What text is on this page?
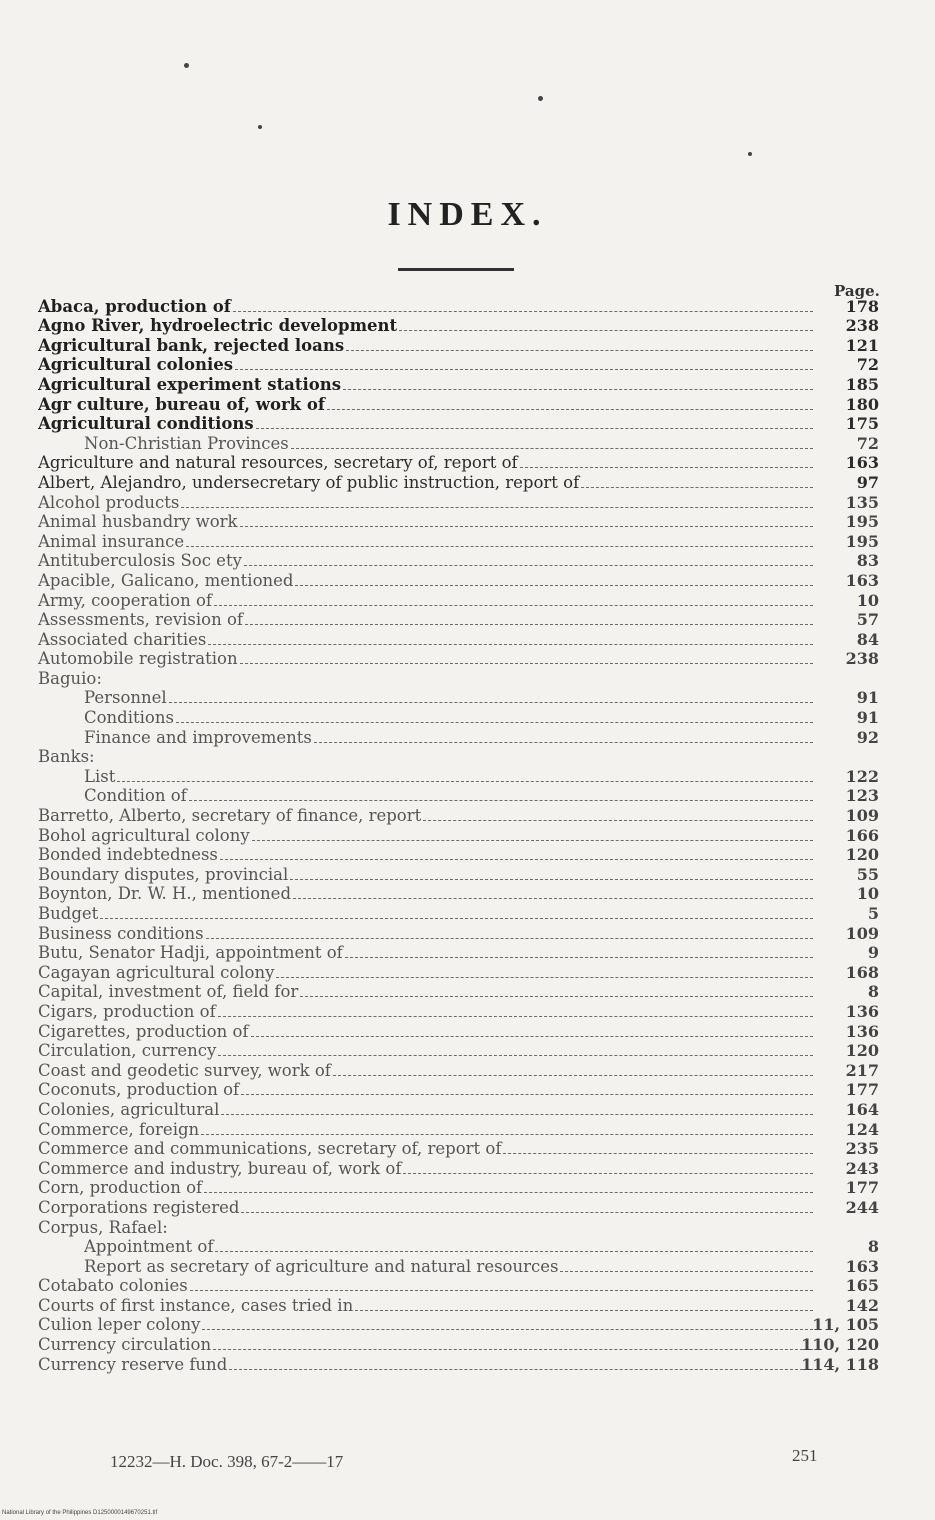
INDEX.
Page.
Abaca, production of	178
Agno River, hydroelectric development	238
Agricultural bank, rejected loans	121
Agricultural colonies	72
Agricultural experiment stations	185
Agr culture, bureau of, work of	180
Agricultural conditions	175
Non-Christian Provinces	72
Agriculture and natural resources, secretary of, report of	163
Albert, Alejandro, undersecretary of public instruction, report of	97
Alcohol products	135
Animal husbandry work	195
Animal insurance	195
Antituberculosis Soc ety	83
Apacible, Galicano, mentioned	163
Army, cooperation of	10
Assessments, revision of	57
Associated charities	84
Automobile registration	238
Baguio:
Personnel	91
Conditions	91
Finance and improvements	92
Banks:
List	122
Condition of	123
Barretto, Alberto, secretary of finance, report	109
Bohol agricultural colony	166
Bonded indebtedness	120
Boundary disputes, provincial	55
Boynton, Dr. W. H., mentioned	10
Budget	5
Business conditions	109
Butu, Senator Hadji, appointment of	9
Cagayan agricultural colony	168
Capital, investment of, field for	8
Cigars, production of	136
Cigarettes, production of	136
Circulation, currency	120
Coast and geodetic survey, work of	217
Coconuts, production of	177
Colonies, agricultural	164
Commerce, foreign	124
Commerce and communications, secretary of, report of	235
Commerce and industry, bureau of, work of	243
Corn, production of	177
Corporations registered	244
Corpus, Rafael:
Appointment of	8
Report as secretary of agriculture and natural resources	163
Cotabato colonies	165
Courts of first instance, cases tried in	142
Culion leper colony	11, 105
Currency circulation	110, 120
Currency reserve fund	114, 118
12232—H. Doc. 398, 67-2——17	251
National Library of the Philippines D1250000149670251.tif
